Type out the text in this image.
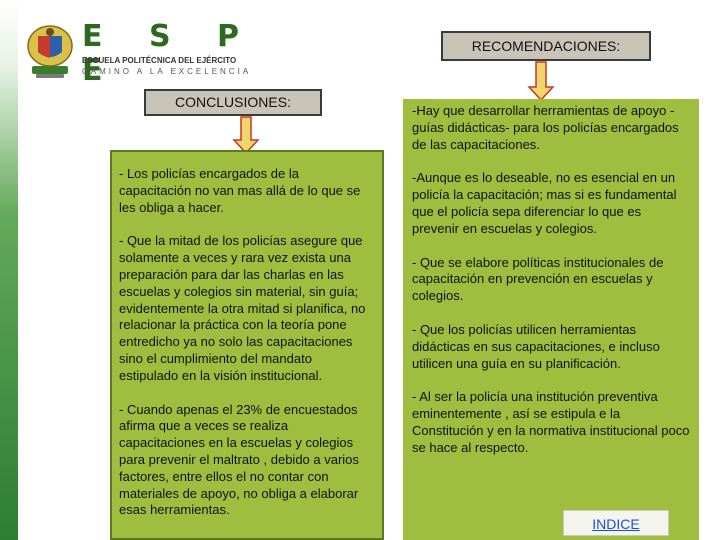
E S P E
ESCUELA POLITÉCNICA DEL EJÉRCITO
CAMINO A LA EXCELENCIA
CONCLUSIONES:
RECOMENDACIONES:

- Los policías encargados de la capacitación no van mas allá de lo que se les obliga a hacer.

- Que la mitad de los policías asegure que solamente a veces y rara vez exista una preparación para dar las charlas en las escuelas y colegios sin material, sin guía; evidentemente la otra mitad si planifica, no relacionar la práctica con la teoría pone entredicho ya no solo las capacitaciones sino el cumplimiento del mandato estipulado en la visión institucional.

- Cuando apenas el 23% de encuestados afirma que a veces se realiza capacitaciones en la escuelas y colegios para prevenir el maltrato , debido a varios factores, entre ellos el no contar con materiales de apoyo, no obliga a elaborar esas herramientas.

-Hay que desarrollar herramientas de apoyo -guías didácticas- para los policías encargados de las capacitaciones.

-Aunque es lo deseable, no es esencial en un policía la capacitación; mas si es fundamental que el policía sepa diferenciar lo que es prevenir en escuelas y colegios.

- Que se elabore políticas institucionales de capacitación en prevención en escuelas y colegios.

- Que los policías utilicen herramientas didácticas en sus capacitaciones, e incluso utilicen una guía en su planificación.

- Al ser la policía una institución preventiva eminentemente , así se estipula e la Constitución y en la normativa institucional poco se hace al respecto.

INDICE
